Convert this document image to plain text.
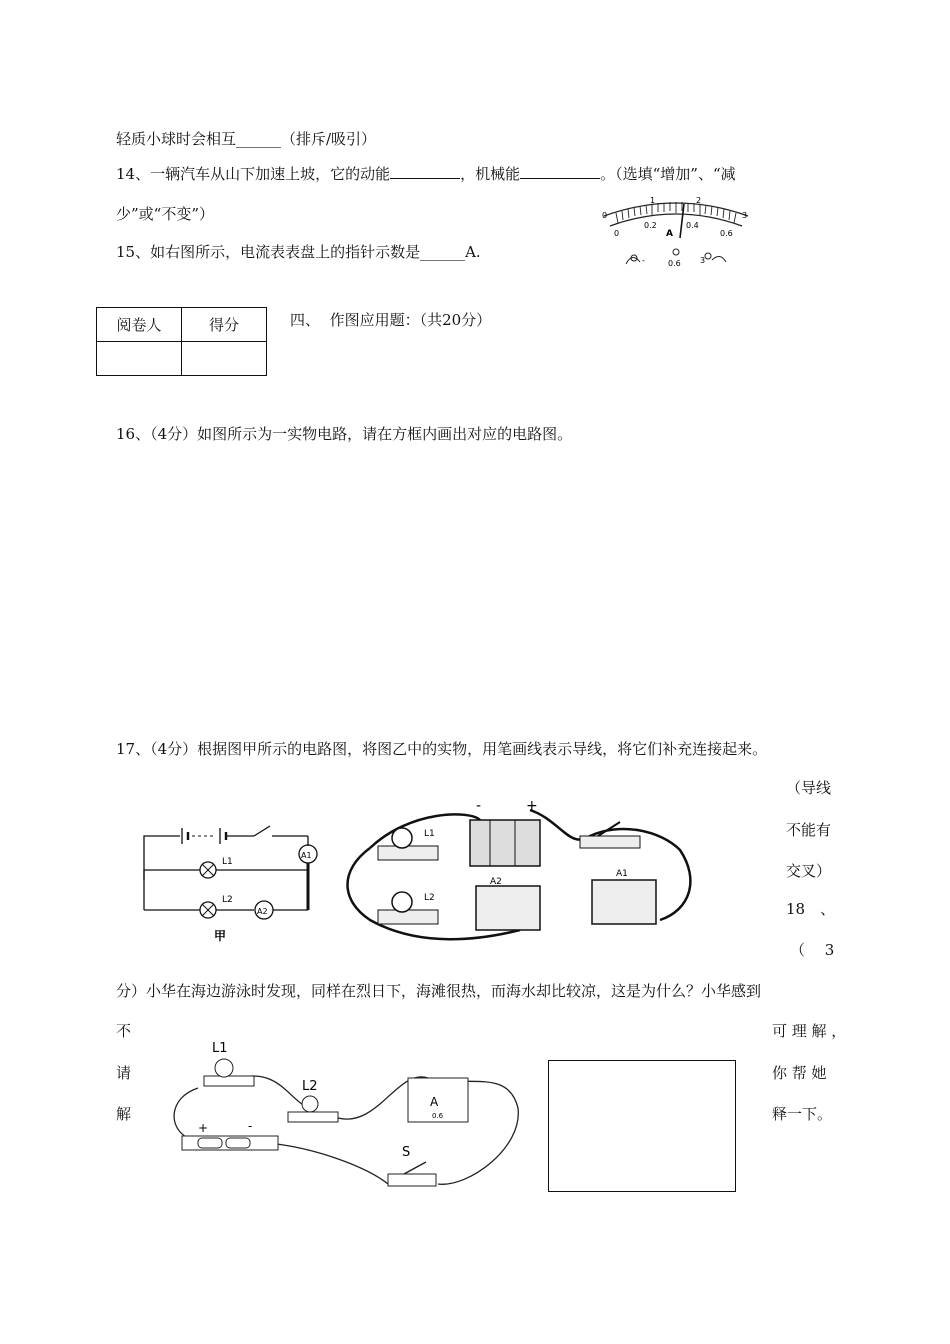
轻质小球时会相互______（排斥/吸引）
14、一辆汽车从山下加速上坡，它的动能	，机械能	。（选填“增加”、“减
少”或“不变”）
15、如右图所示，电流表表盘上的指针示数是______A.
0
1	2
3
0
0.2	0.4
0.6
A
-	0.6 3
阅卷人	得分
		四、 作图应用题：（共20分）
16、（4分）如图所示为一实物电路，请在方框内画出对应的电路图。
17、（4分）根据图甲所示的电路图，将图乙中的实物，用笔画线表示导线，将它们补充连接起来。
（导线
不能有
交叉）
18　、
（　 3
A1
L1
L2
A2
甲
L1
-	+
L2
A2
A1
分）小华在海边游泳时发现，同样在烈日下，海滩很热，而海水却比较凉，这是为什么？小华感到
不
请
解
可 理 解 ，
你 帮 她
释一下。
L1
L2
+	-
A
0.6
S
